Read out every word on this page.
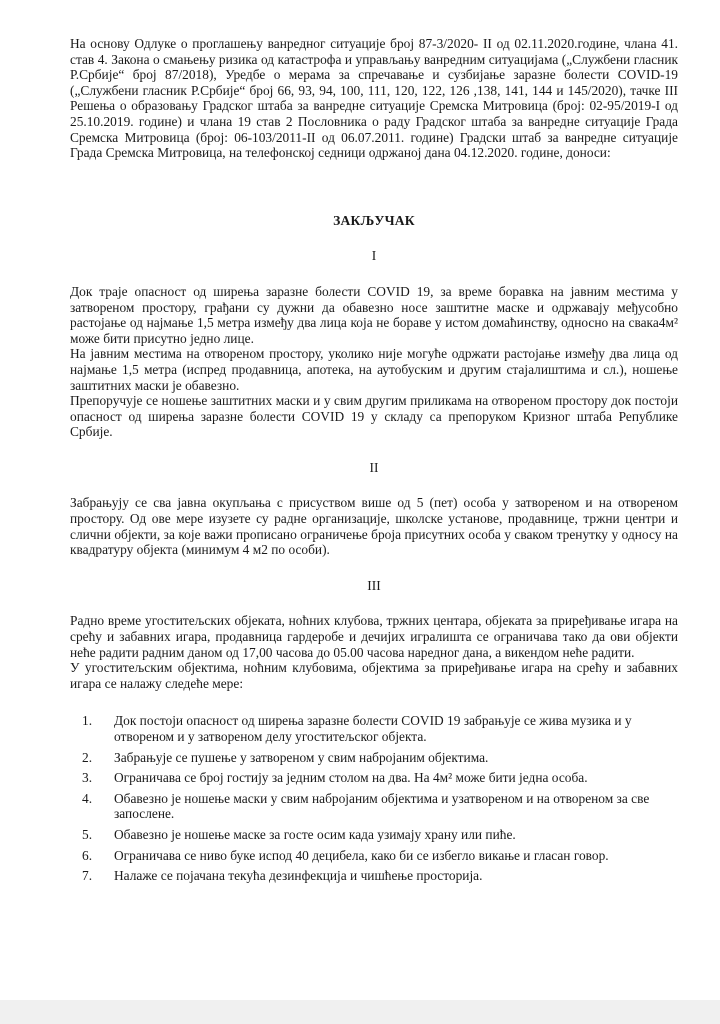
На основу Одлуке о проглашењу ванредног ситуације број 87-3/2020- II од 02.11.2020.године, члана 41. став 4. Закона о смањењу ризика од катастрофа и управљању ванредним ситуацијама („Службени гласник Р.Србије“ број 87/2018), Уредбе о мерама за спречавање и сузбијање заразне болести COVID-19 („Службени гласник Р.Србије“ број 66, 93, 94, 100, 111, 120, 122, 126 ,138, 141, 144 и 145/2020), тачке III Решења о образовању Градског штаба за ванредне ситуације Сремска Митровица (број: 02-95/2019-I од 25.10.2019. године) и члана 19 став 2 Пословника о раду Градског штаба за ванредне ситуације Града Сремска Митровица (број: 06-103/2011-II од 06.07.2011. године) Градски штаб за ванредне ситуације Града Сремска Митровица, на телефонској седници одржаној дана 04.12.2020. године, доноси:

ЗАКЉУЧАК
I

Док траје опасност од ширења заразне болести COVID 19, за време боравка на јавним местима у затвореном простору, грађани су дужни да обавезно носе заштитне маске и одржавају међусобно растојање од најмање 1,5 метра између два лица која не бораве у истом домаћинству, односно на свака4м² може бити присутно једно лице.

На јавним местима на отвореном простору, уколико није могуће одржати растојање између два лица од најмање 1,5 метра (испред продавница, апотека, на аутобуским и другим стајалиштима и сл.), ношење заштитних маски је обавезно.

Препоручује се ношење заштитних маски и у свим другим приликама на отвореном простору док постоји опасност од ширења заразне болести COVID 19 у складу са препоруком Кризног штаба Републике Србије.

II

Забрањују се сва јавна окупљања с присуством више од 5 (пет) особа у затвореном и на отвореном простору. Од ове мере изузете су радне организације, школске установе, продавнице, тржни центри и слични објекти, за које важи прописано ограничење броја присутних особа у сваком тренутку у односу на квадратуру објекта (минимум 4 м2 по особи).

III

Радно време угоститељских објеката, ноћних клубова, тржних центара, објеката за приређивање игара на срећу и забавних игара, продавница гардеробе и дечијих игралиштa се ограничава тако да ови објекти неће радити радним даном од 17,00 часова до 05.00 часова наредног дана, а викендом неће радити.

У угоститељским објектима, ноћним клубовима, објектима за приређивање игара на срећу и забавних игара се налажу следеће мере:

1. Док постоји опасност од ширења заразне болести COVID 19 забрањује се жива музика и у отвореном и у затвореном делу угоститељског објекта.
2. Забрањује се пушење у затвореном у свим набројаним објектима.
3. Ограничава се број гостију за једним столом на два. На 4м² може бити једна особа.
4. Обавезно је ношење маски у свим набројаним објектима и узатвореном и на отвореном за све запослене.
5. Обавезно је ношење маске за госте осим када узимају храну или пиће.
6. Ограничава се ниво буке испод 40 децибела, како би се избегло викање и гласан говор.
7. Налаже се појачана текућа дезинфекција и чишћење просторија.
